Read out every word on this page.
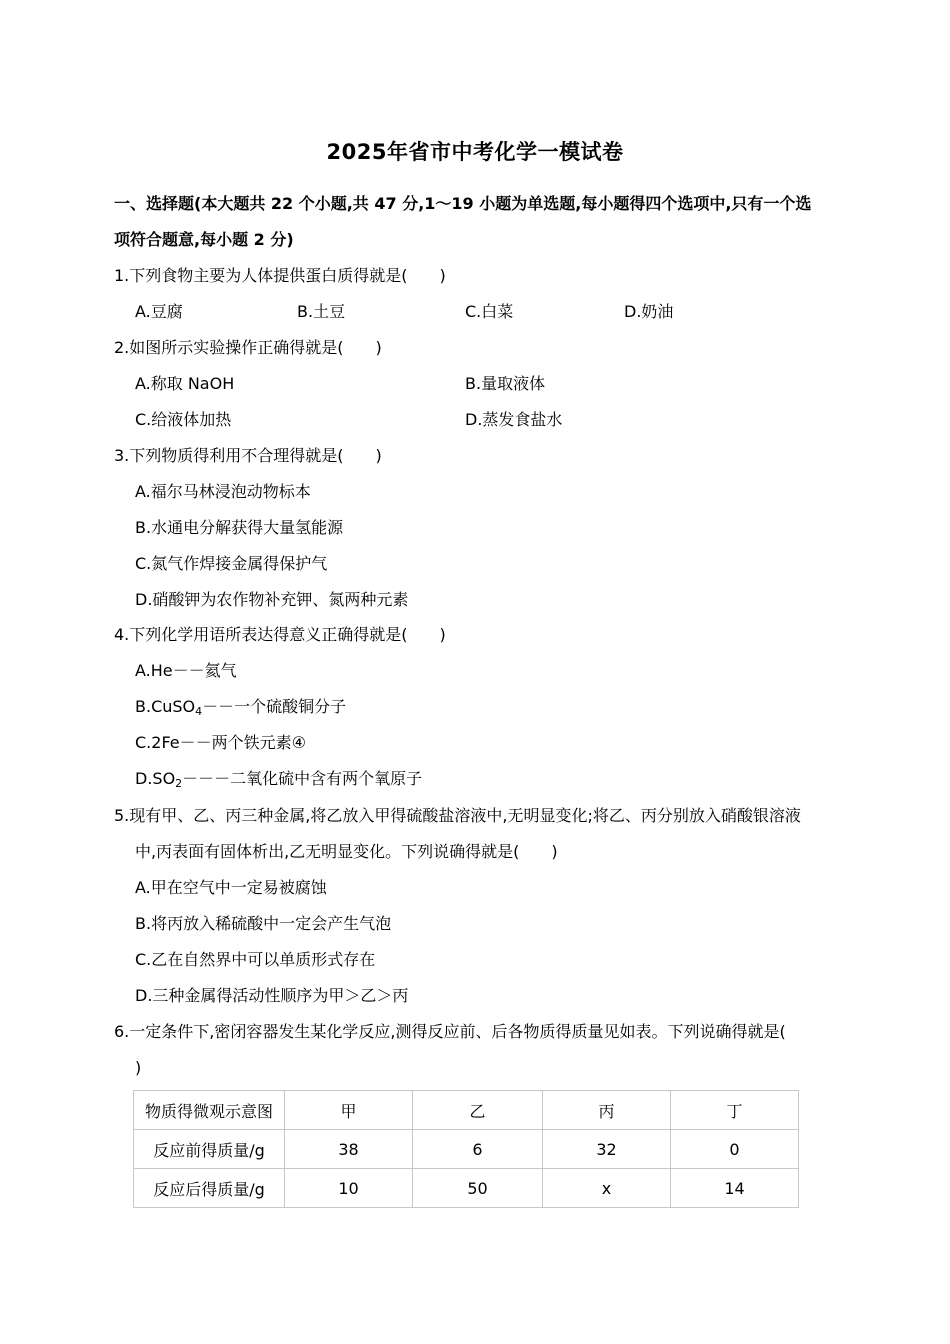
2025年省市中考化学一模试卷
一、选择题(本大题共 22 个小题,共 47 分,1～19 小题为单选题,每小题得四个选项中,只有一个选
项符合题意,每小题 2 分)
1.下列食物主要为人体提供蛋白质得就是(　　)
A.豆腐	B.土豆	C.白菜	D.奶油
2.如图所示实验操作正确得就是(　　)
A.称取 NaOH	B.量取液体
C.给液体加热	D.蒸发食盐水
3.下列物质得利用不合理得就是(　　)
A.福尔马林浸泡动物标本
B.水通电分解获得大量氢能源
C.氮气作焊接金属得保护气
D.硝酸钾为农作物补充钾、氮两种元素
4.下列化学用语所表达得意义正确得就是(　　)
A.He－－氦气
B.CuSO$_4$－－一个硫酸铜分子
C.2Fe－－两个铁元素④
$D.SO_2---$二氧化硫中含有两个氧原子
5.现有甲、乙、丙三种金属,将乙放入甲得硫酸盐溶液中,无明显变化;将乙、丙分别放入硝酸银溶液
中,丙表面有固体析出,乙无明显变化。下列说确得就是(　　)
A.甲在空气中一定易被腐蚀
B.将丙放入稀硫酸中一定会产生气泡
C.乙在自然界中可以单质形式存在
D.三种金属得活动性顺序为甲＞乙＞丙
6.一定条件下,密闭容器发生某化学反应,测得反应前、后各物质得质量见如表。下列说确得就是(
)
物质得微观示意图	甲	乙	丙	丁
反应前得质量/g	38	6	32	0
反应后得质量/g	10	50	x	14
